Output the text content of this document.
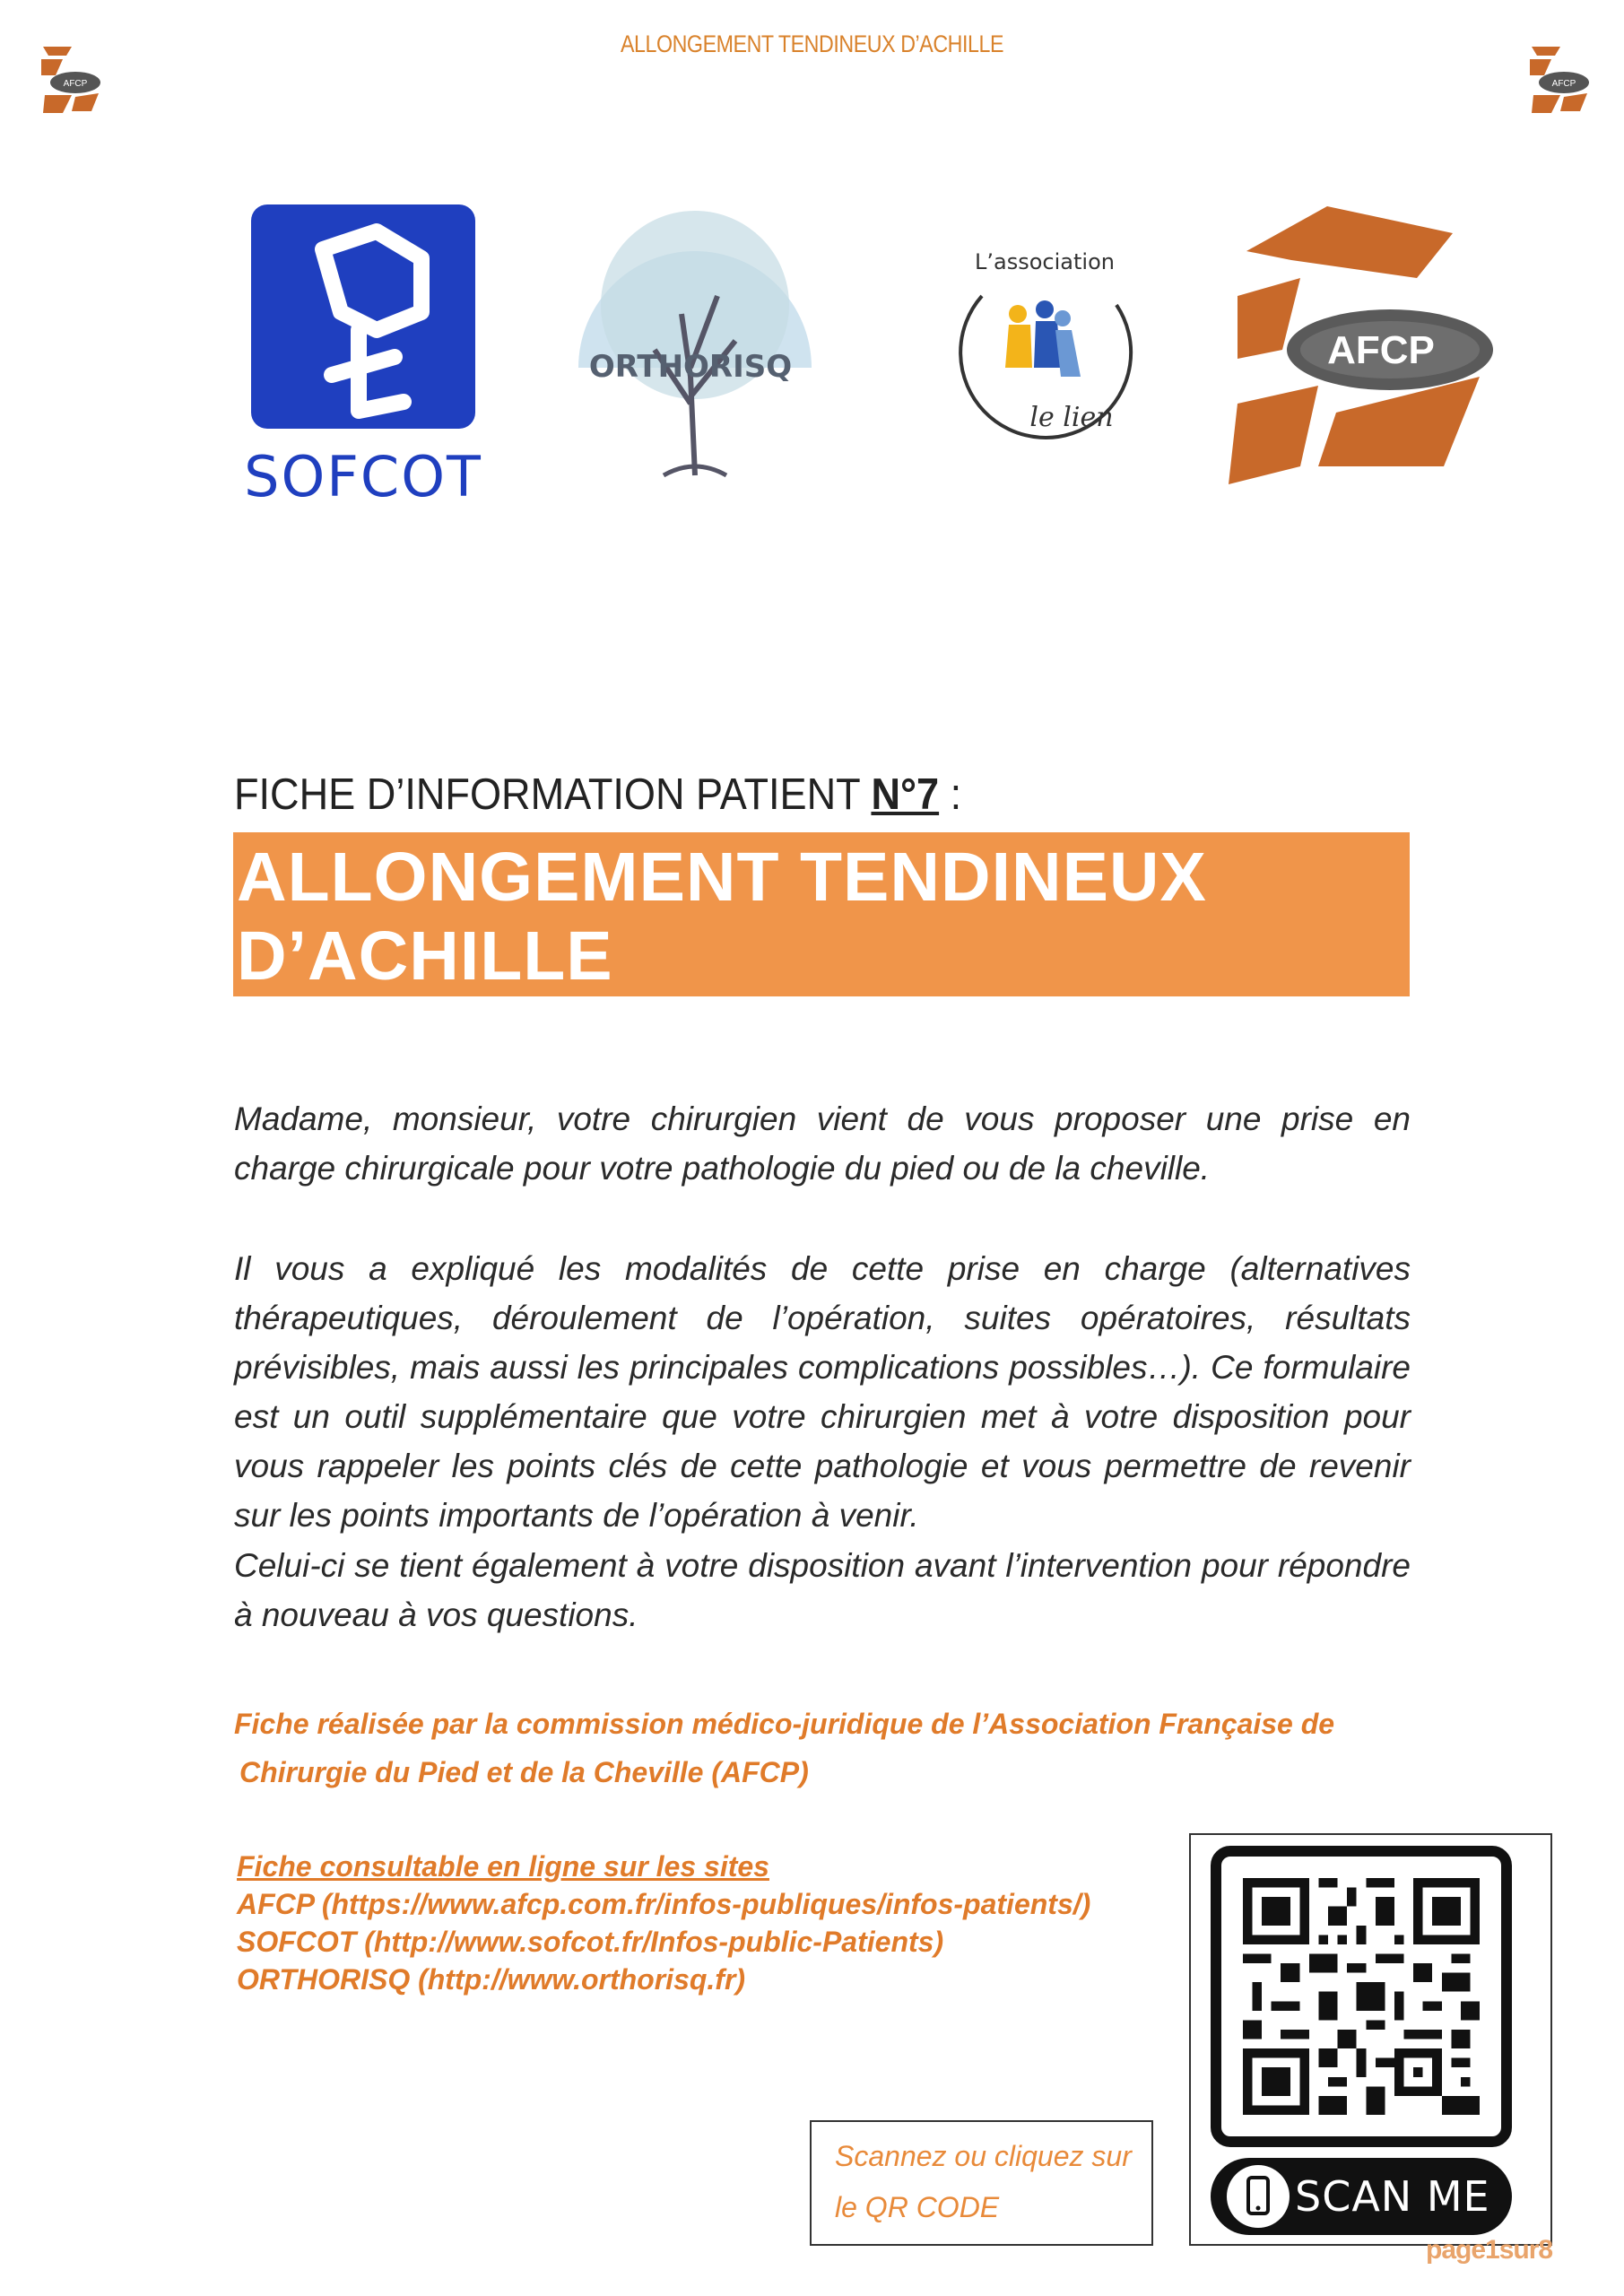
ALLONGEMENT TENDINEUX D’ACHILLE
AFCP	AFCP
SOFCOT
ORTHORISQ
L’association
le lien
AFCP
FICHE D’INFORMATION PATIENT N°7 :
ALLONGEMENT TENDINEUX
D’ACHILLE
Madame, monsieur, votre chirurgien vient de vous proposer une prise en charge chirurgicale pour votre pathologie du pied ou de la cheville.
Il vous a expliqué les modalités de cette prise en charge (alternatives thérapeutiques, déroulement de l’opération, suites opératoires, résultats prévisibles, mais aussi les principales complications possibles…). Ce formulaire est un outil supplémentaire que votre chirurgien met à votre disposition pour vous rappeler les points clés de cette pathologie et vous permettre de revenir sur les points importants de l’opération à venir.
Celui-ci se tient également à votre disposition avant l’intervention pour répondre à nouveau à vos questions.
Fiche réalisée par la commission médico-juridique de l’Association Française de
Chirurgie du Pied et de la Cheville (AFCP)
Fiche consultable en ligne sur les sites
AFCP (https://www.afcp.com.fr/infos-publiques/infos-patients/)
SOFCOT (http://www.sofcot.fr/Infos-public-Patients)
ORTHORISQ (http://www.orthorisq.fr)
Scannez ou cliquez sur
le QR CODE	SCAN ME
page1sur8
